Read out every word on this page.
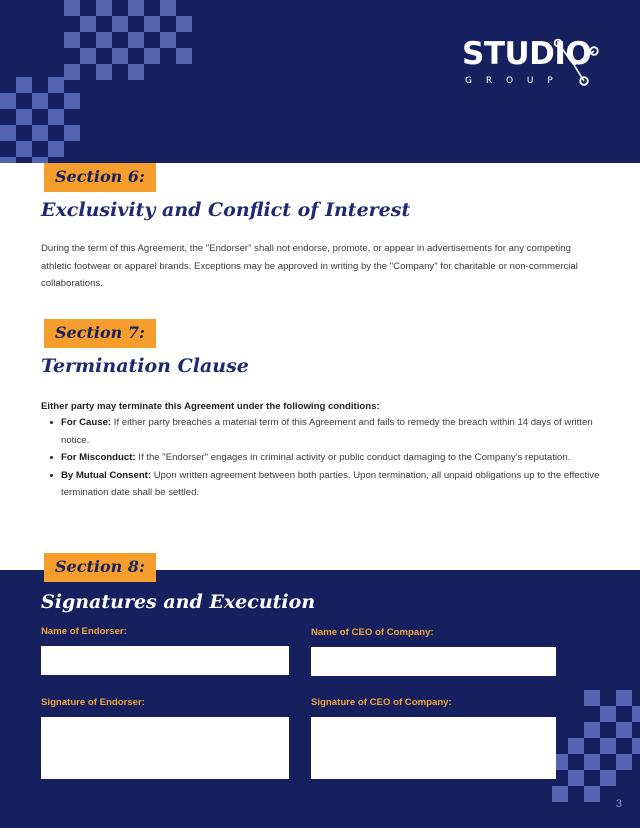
STUDIO
G R O U P
Section 6:
Exclusivity and Conflict of Interest
During the term of this Agreement, the "Endorser" shall not endorse, promote, or appear in advertisements for any competing athletic footwear or apparel brands. Exceptions may be approved in writing by the "Company" for charitable or non-commercial collaborations.
Section 7:
Termination Clause
Either party may terminate this Agreement under the following conditions:
For Cause: If either party breaches a material term of this Agreement and fails to remedy the breach within 14 days of written notice.
For Misconduct: If the "Endorser" engages in criminal activity or public conduct damaging to the Company's reputation.
By Mutual Consent: Upon written agreement between both parties. Upon termination, all unpaid obligations up to the effective termination date shall be settled.
Signatures and Execution
Name of Endorser:	Name of CEO of Company:
Signature of Endorser:	Signature of CEO of Company:
3
Section 8:
